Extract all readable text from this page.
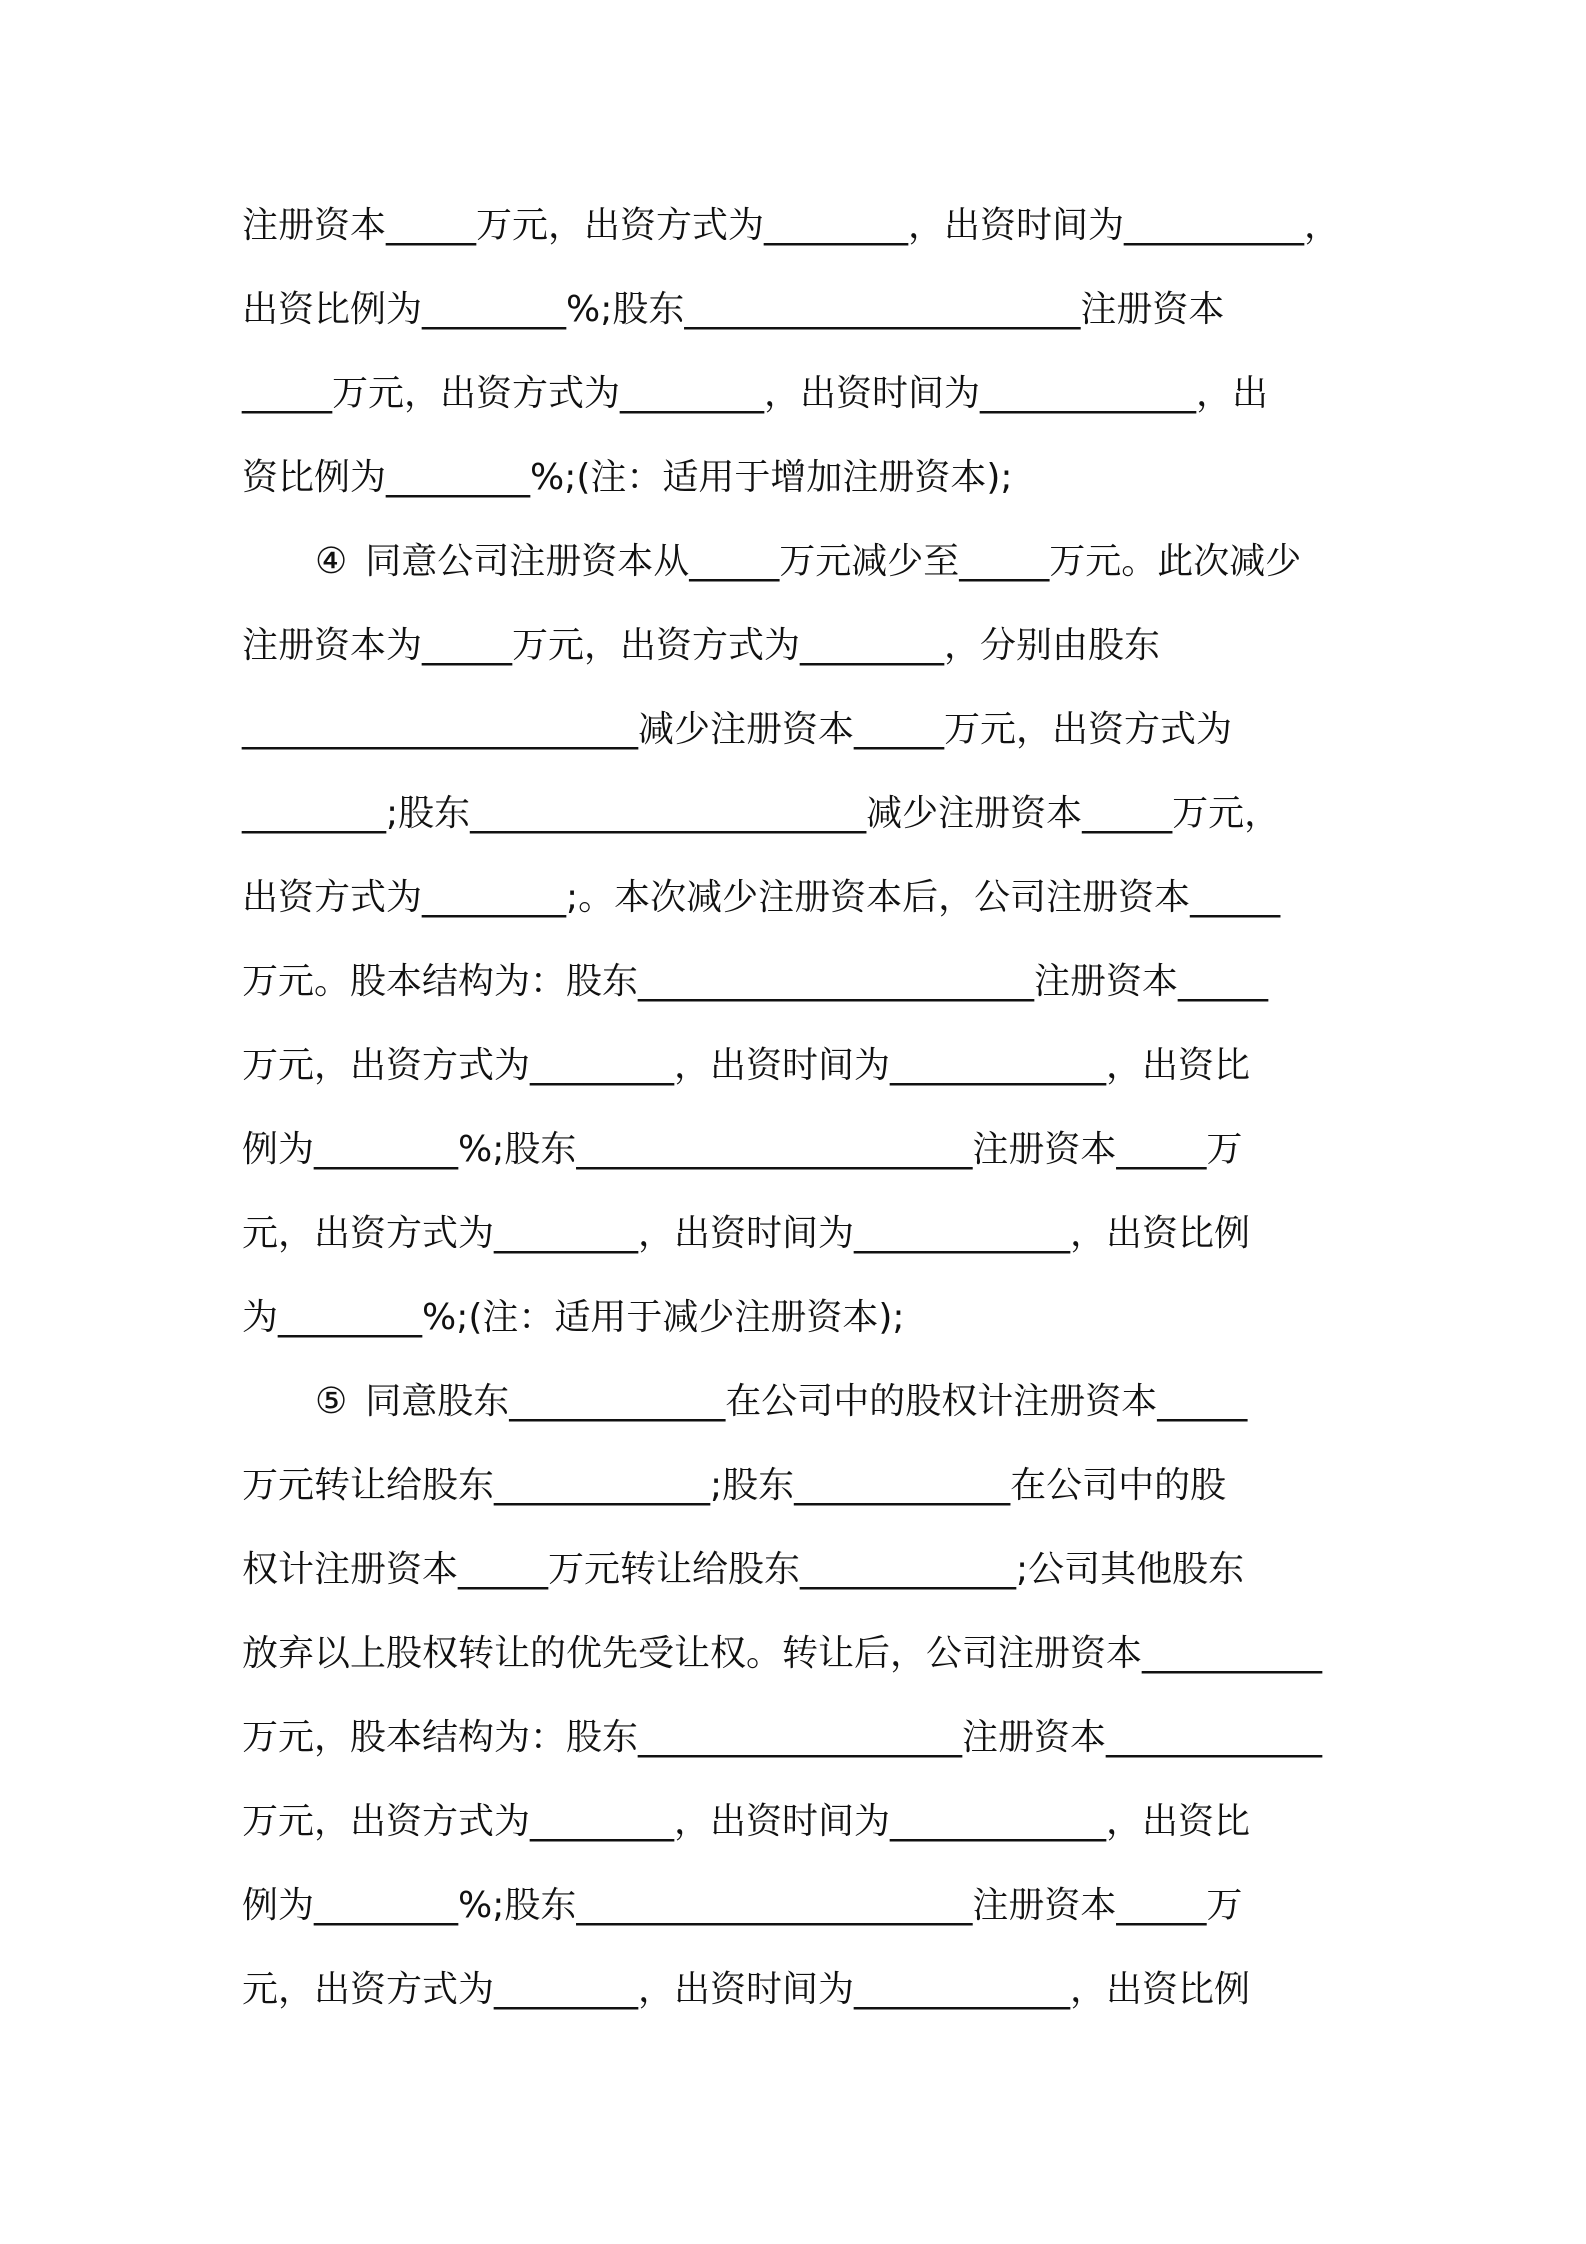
注册资本_____万元，出资方式为________，出资时间为__________，
出资比例为________%;股东______________________注册资本
_____万元，出资方式为________，出资时间为____________，出
资比例为________%;(注：适用于增加注册资本);
④ 同意公司注册资本从_____万元减少至_____万元。此次减少
注册资本为_____万元，出资方式为________，分别由股东
______________________减少注册资本_____万元，出资方式为
________;股东______________________减少注册资本_____万元，
出资方式为________;。本次减少注册资本后，公司注册资本_____
万元。股本结构为：股东______________________注册资本_____
万元，出资方式为________，出资时间为____________，出资比
例为________%;股东______________________注册资本_____万
元，出资方式为________，出资时间为____________，出资比例
为________%;(注：适用于减少注册资本);
⑤ 同意股东____________在公司中的股权计注册资本_____
万元转让给股东____________;股东____________在公司中的股
权计注册资本_____万元转让给股东____________;公司其他股东
放弃以上股权转让的优先受让权。转让后，公司注册资本__________
万元，股本结构为：股东__________________注册资本____________
万元，出资方式为________，出资时间为____________，出资比
例为________%;股东______________________注册资本_____万
元，出资方式为________，出资时间为____________，出资比例
